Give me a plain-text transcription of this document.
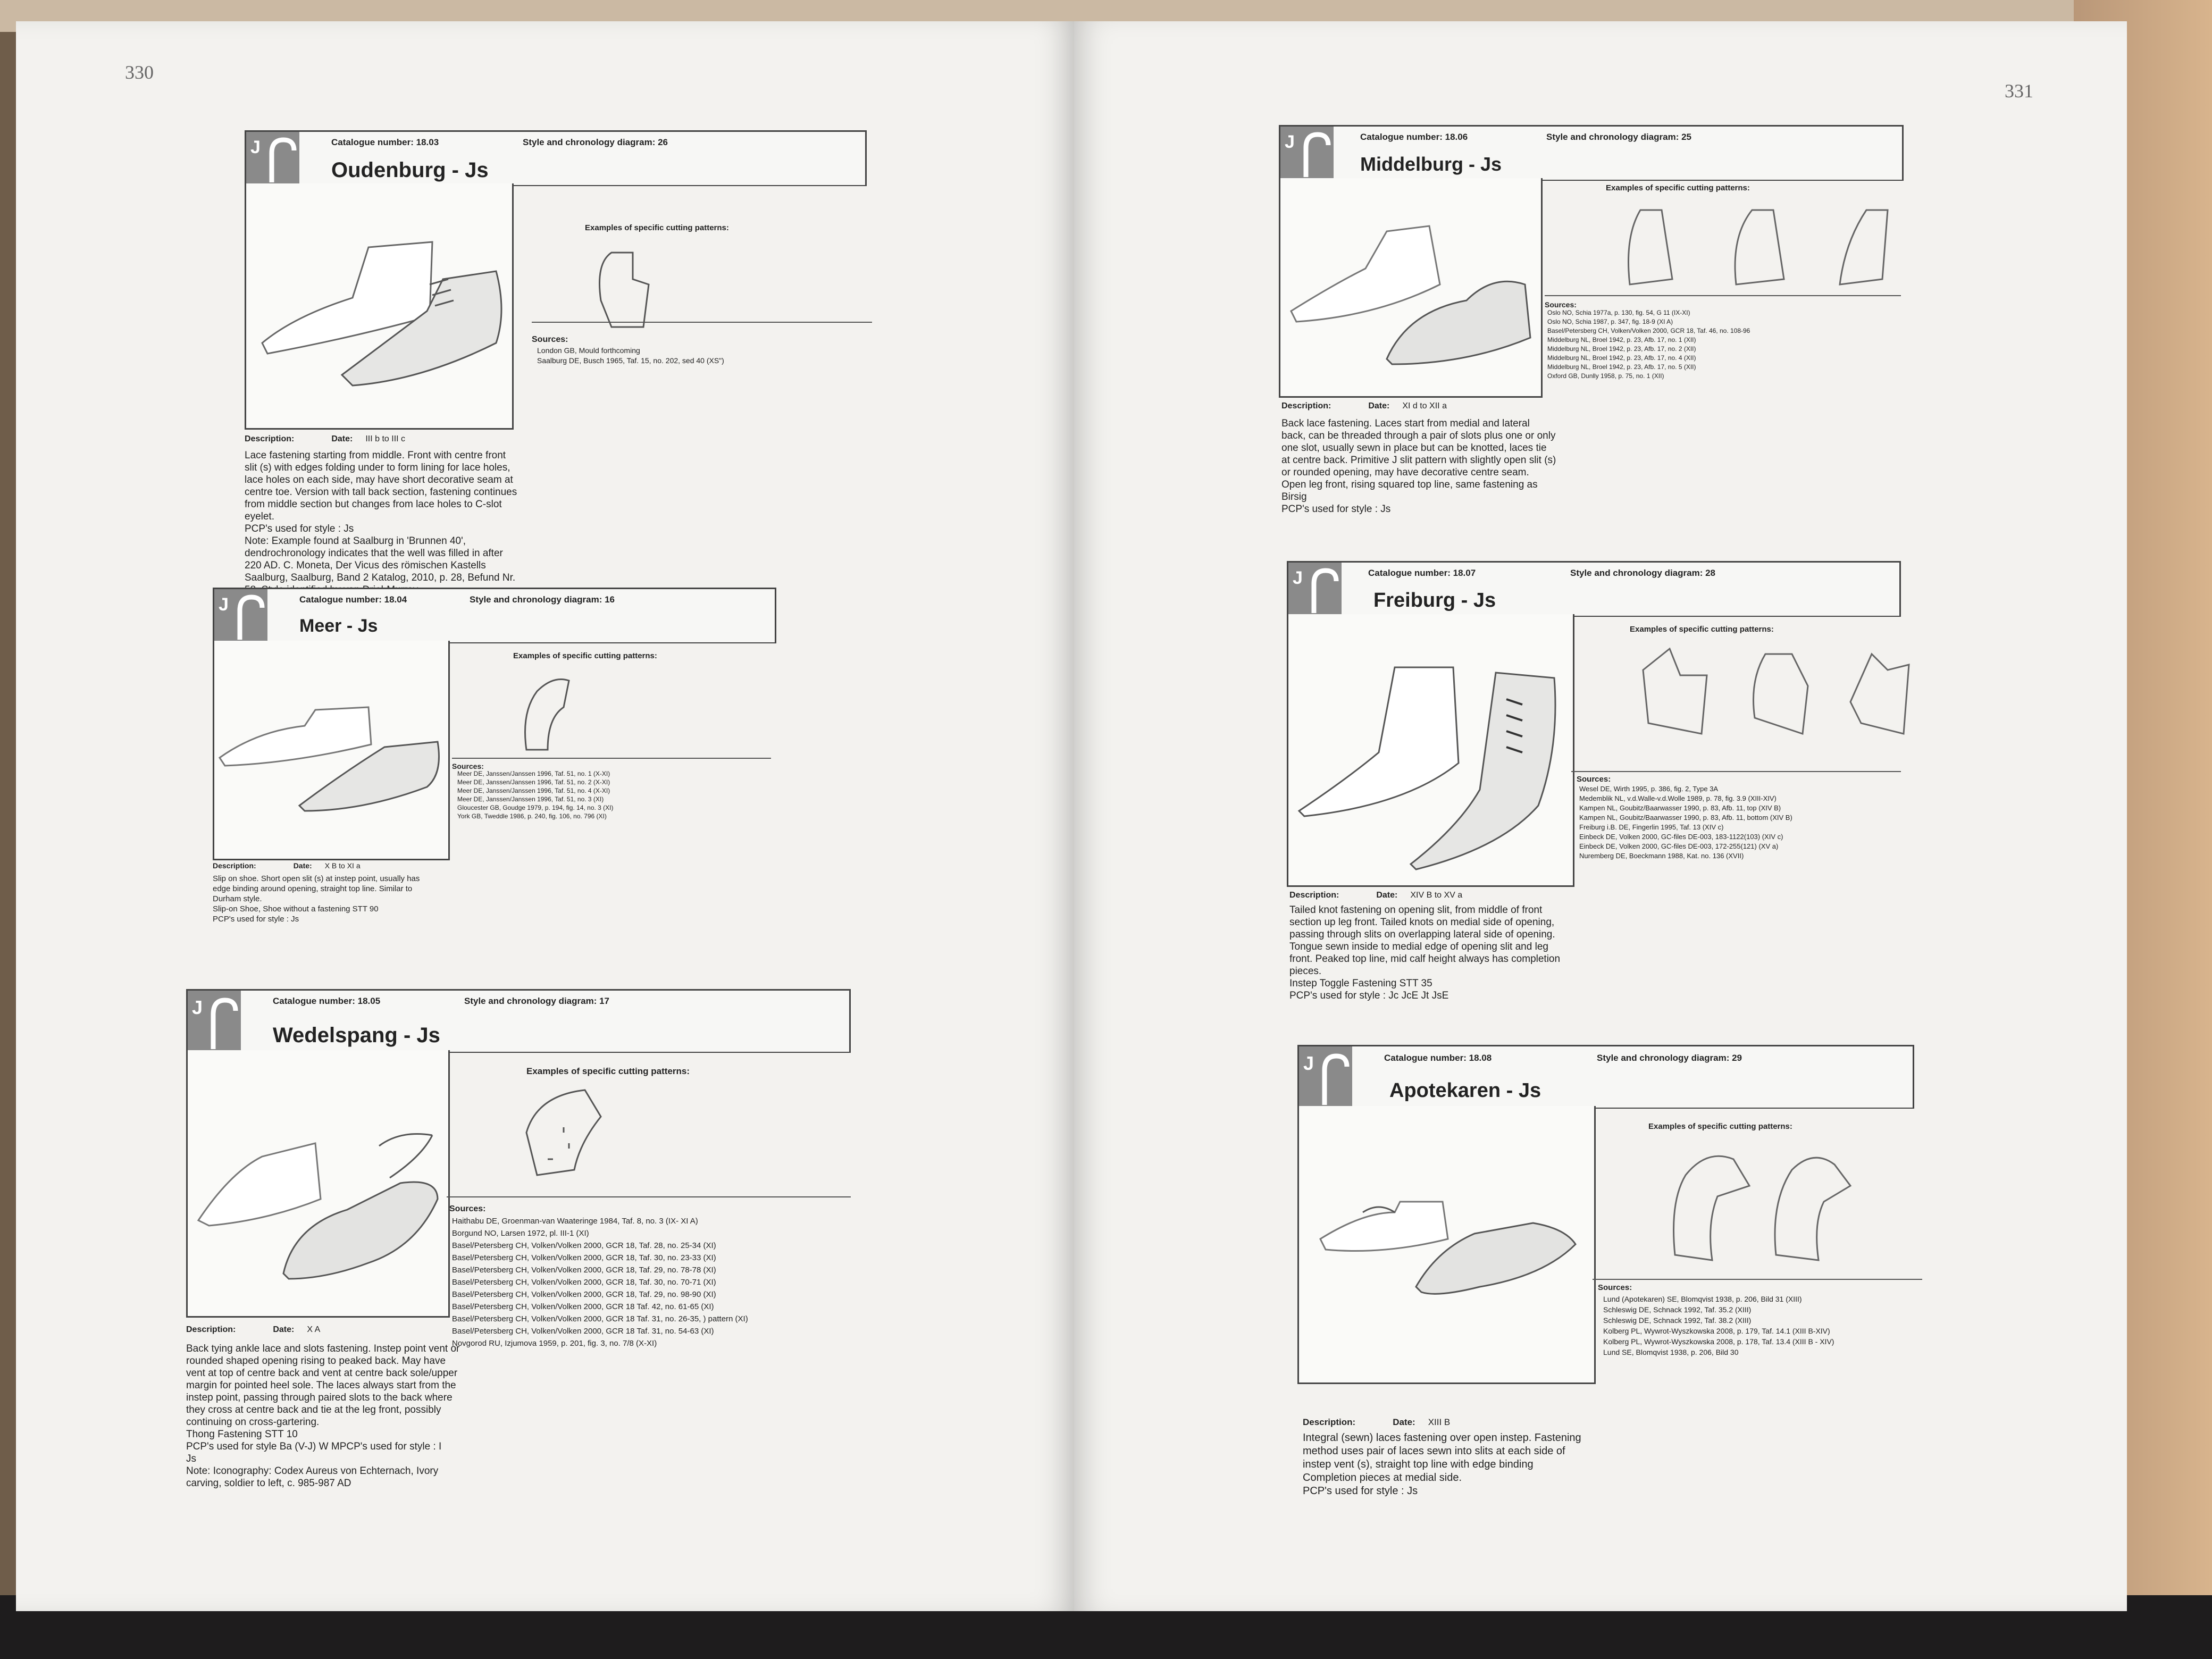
330
J	Catalogue number: 18.03	Style and chronology diagram: 26
Oudenburg - Js
Examples of specific cutting patterns:
Sources:
London GB, Mould forthcoming
Saalburg DE, Busch 1965, Taf. 15, no. 202, sed 40 (XS")
Description:	Date: III b to III c
Lace fastening starting from middle. Front with centre front
slit (s) with edges folding under to form lining for lace holes,
lace holes on each side, may have short decorative seam at
centre toe. Version with tall back section, fastening continues
from middle section but changes from lace holes to C-slot
eyelet.
PCP's used for style : Js
Note: Example found at Saalburg in 'Brunnen 40',
dendrochronology indicates that the well was filled in after
220 AD. C. Moneta, Der Vicus des römischen Kastells
Saalburg, Saalburg, Band 2 Katalog, 2010, p. 28, Befund Nr.
J	Catalogue number: 18.04	Style and chronology diagram: 16
Meer - Js
Examples of specific cutting patterns:
Sources:
Meer DE, Janssen/Janssen 1996, Taf. 51, no. 1 (X-XI)
Meer DE, Janssen/Janssen 1996, Taf. 51, no. 2 (X-XI)
Meer DE, Janssen/Janssen 1996, Taf. 51, no. 4 (X-XI)
Meer DE, Janssen/Janssen 1996, Taf. 51, no. 3 (XI)
Gloucester GB, Goudge 1979, p. 194, fig. 14, no. 3 (XI)
York GB, Tweddle 1986, p. 240, fig. 106, no. 796 (XI)
Description:	Date: X B to XI a
Slip on shoe. Short open slit (s) at instep point, usually has
edge binding around opening, straight top line. Similar to
Durham style.
Slip-on Shoe, Shoe without a fastening STT 90
PCP's used for style : Js
J	Catalogue number: 18.05	Style and chronology diagram: 17
Wedelspang - Js
Examples of specific cutting patterns:
Sources:
Haithabu DE, Groenman-van Waateringe 1984, Taf. 8, no. 3 (IX- XI A)
Borgund NO, Larsen 1972, pl. III-1 (XI)
Basel/Petersberg CH, Volken/Volken 2000, GCR 18, Taf. 28, no. 25-34 (XI)
Basel/Petersberg CH, Volken/Volken 2000, GCR 18, Taf. 30, no. 23-33 (XI)
Basel/Petersberg CH, Volken/Volken 2000, GCR 18, Taf. 29, no. 78-78 (XI)
Basel/Petersberg CH, Volken/Volken 2000, GCR 18, Taf. 30, no. 70-71 (XI)
Basel/Petersberg CH, Volken/Volken 2000, GCR 18, Taf. 29, no. 98-90 (XI)
Basel/Petersberg CH, Volken/Volken 2000, GCR 18 Taf. 42, no. 61-65 (XI)
Basel/Petersberg CH, Volken/Volken 2000, GCR 18 Taf. 31, no. 26-35, ) pattern (XI)
Basel/Petersberg CH, Volken/Volken 2000, GCR 18 Taf. 31, no. 54-63 (XI)
Novgorod RU, Izjumova 1959, p. 201, fig. 3, no. 7/8 (X-XI)
Description:	Date: X A
Back tying ankle lace and slots fastening. Instep point vent or
rounded shaped opening rising to peaked back. May have
vent at top of centre back and vent at centre back sole/upper
margin for pointed heel sole. The laces always start from the
instep point, passing through paired slots to the back where
they cross at centre back and tie at the leg front, possibly
continuing on cross-gartering.
Thong Fastening STT 10
PCP's used for style Ba (V-J) W MPCP's used for style : I
Js
Note: Iconography: Codex Aureus von Echternach, Ivory
carving, soldier to left, c. 985-987 AD
331
J	Catalogue number: 18.06	Style and chronology diagram: 25
Middelburg - Js
Examples of specific cutting patterns:
Sources:
Oslo NO, Schia 1977a, p. 130, fig. 54, G 11 (IX-XI)
Oslo NO, Schia 1987, p. 347, fig. 18-9 (XI A)
Basel/Petersberg CH, Volken/Volken 2000, GCR 18, Taf. 46, no. 108-96
Middelburg NL, Broel 1942, p. 23, Afb. 17, no. 1 (XII)
Middelburg NL, Broel 1942, p. 23, Afb. 17, no. 2 (XII)
Middelburg NL, Broel 1942, p. 23, Afb. 17, no. 4 (XII)
Middelburg NL, Broel 1942, p. 23, Afb. 17, no. 5 (XII)
Oxford GB, Dunlly 1958, p. 75, no. 1 (XII)
Description:	Date: XI d to XII a
Back lace fastening. Laces start from medial and lateral
back, can be threaded through a pair of slots plus one or only
one slot, usually sewn in place but can be knotted, laces tie
at centre back. Primitive J slit pattern with slightly open slit (s)
or rounded opening, may have decorative centre seam.
Open leg front, rising squared top line, same fastening as
Birsig
PCP's used for style : Js
J	Catalogue number: 18.07	Style and chronology diagram: 28
Freiburg - Js
Examples of specific cutting patterns:
Sources:
Wesel DE, Wirth 1995, p. 386, fig. 2, Type 3A
Medemblik NL, v.d.Walle-v.d.Wolle 1989, p. 78, fig. 3.9 (XIII-XIV)
Kampen NL, Goubitz/Baarwasser 1990, p. 83, Afb. 11, top (XIV B)
Kampen NL, Goubitz/Baarwasser 1990, p. 83, Afb. 11, bottom (XIV B)
Freiburg i.B. DE, Fingerlin 1995, Taf. 13 (XIV c)
Einbeck DE, Volken 2000, GC-files DE-003, 183-1122(103) (XIV c)
Einbeck DE, Volken 2000, GC-files DE-003, 172-255(121) (XV a)
Nuremberg DE, Boeckmann 1988, Kat. no. 136 (XVII)
Description:	Date: XIV B to XV a
Tailed knot fastening on opening slit, from middle of front
section up leg front. Tailed knots on medial side of opening,
passing through slits on overlapping lateral side of opening.
Tongue sewn inside to medial edge of opening slit and leg
front. Peaked top line, mid calf height always has completion
pieces.
Instep Toggle Fastening STT 35
PCP's used for style : Jc JcE Jt JsE
J	Catalogue number: 18.08	Style and chronology diagram: 29
Apotekaren - Js
Examples of specific cutting patterns:
Sources:
Lund (Apotekaren) SE, Blomqvist 1938, p. 206, Bild 31 (XIII)
Schleswig DE, Schnack 1992, Taf. 35.2 (XIII)
Schleswig DE, Schnack 1992, Taf. 38.2 (XIII)
Kolberg PL, Wywrot-Wyszkowska 2008, p. 179, Taf. 14.1 (XIII B-XIV)
Kolberg PL, Wywrot-Wyszkowska 2008, p. 178, Taf. 13.4 (XIII B - XIV)
Lund SE, Blomqvist 1938, p. 206, Bild 30
Description:	Date: XIII B
Integral (sewn) laces fastening over open instep. Fastening
method uses pair of laces sewn into slits at each side of
instep vent (s), straight top line with edge binding
Completion pieces at medial side.
PCP's used for style : Js
